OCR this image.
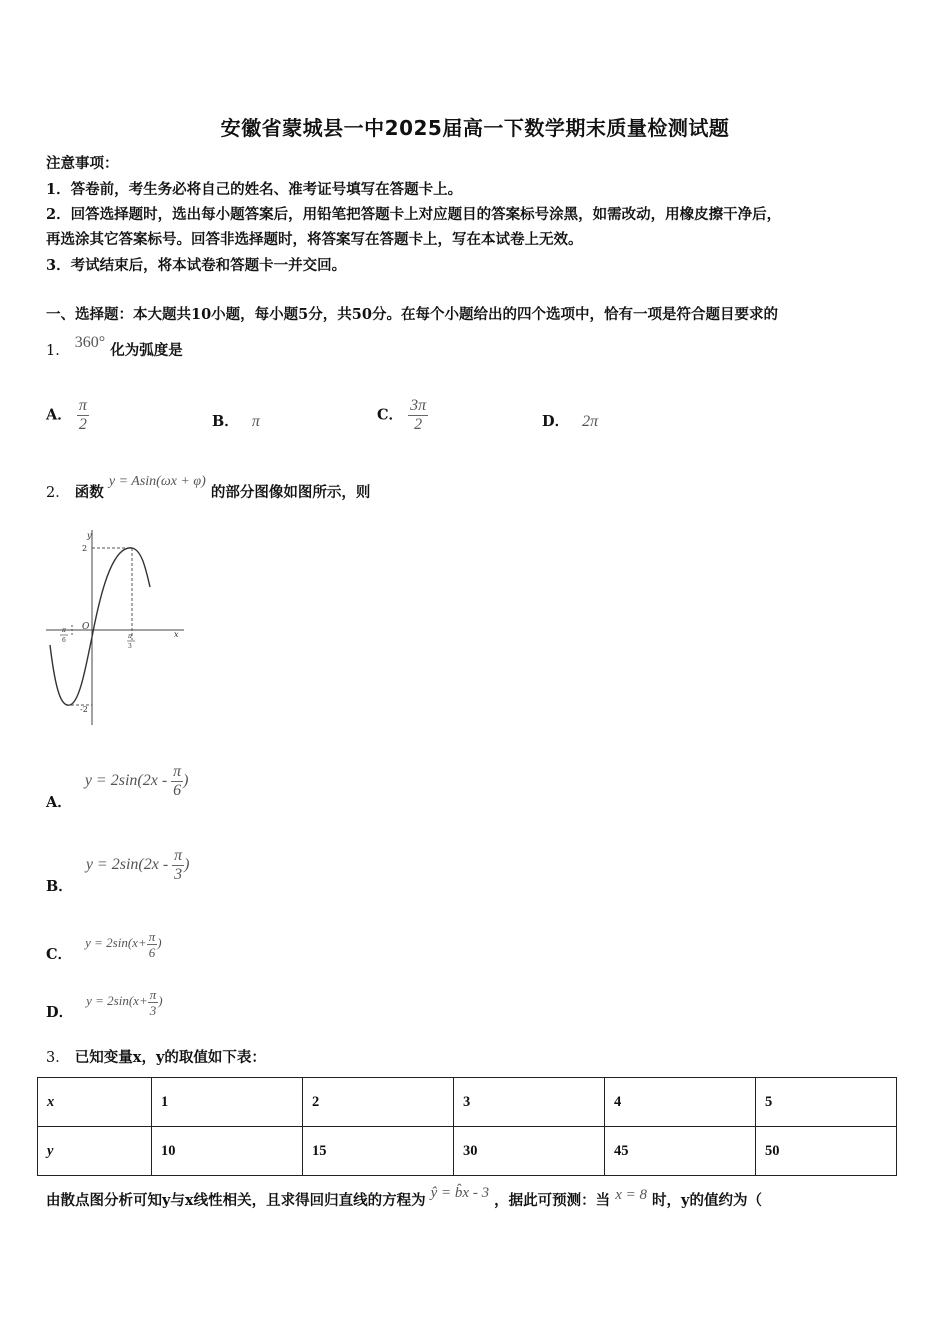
安徽省蒙城县一中2025届高一下数学期末质量检测试题
注意事项：
1．答卷前，考生务必将自己的姓名、准考证号填写在答题卡上。
2．回答选择题时，选出每小题答案后，用铅笔把答题卡上对应题目的答案标号涂黑，如需改动，用橡皮擦干净后，
再选涂其它答案标号。回答非选择题时，将答案写在答题卡上，写在本试卷上无效。
3．考试结束后，将本试卷和答题卡一并交回。
一、选择题：本大题共10小题，每小题5分，共50分。在每个小题给出的四个选项中，恰有一项是符合题目要求的
1． 360° 化为弧度是
A． $\frac{\pi}{2}$	B． π	C． $\frac{3\pi}{2}$	D． 2π
2． 函数 y = Asin(ωx + φ) 的部分图像如图所示，则
y
x
O
2
-2
π
6
π
3
A． $y = 2\sin(2x - \frac{\pi}{6}$ )
B． $y = 2\sin(2x - \frac{\pi}{3}$ )
C． $y = 2\sin(x+ \frac{\pi}{6}$ )
D． $y = 2\sin(x+ \frac{\pi}{3}$ )
3． 已知变量x，y的取值如下表：
x	1	2	3	4	5
y	10	15	30	45	50
由散点图分析可知y与x线性相关，且求得回归直线的方程为 ŷ = b̂x - 3 ，据此可预测：当 x = 8 时，y的值约为（
